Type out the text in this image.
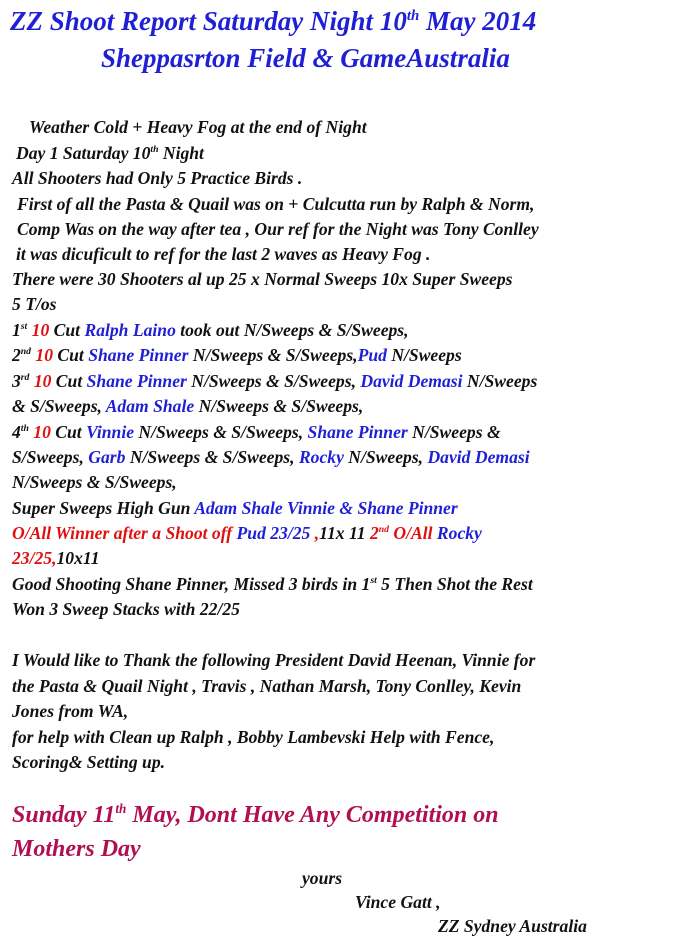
ZZ Shoot Report Saturday Night 10th May 2014
Sheppasrton Field & GameAustralia
Weather Cold + Heavy Fog at the end of Night
Day 1 Saturday 10th Night
All Shooters had Only 5 Practice Birds .
First of all the Pasta & Quail was on + Culcutta run by Ralph & Norm,
Comp Was on the way after tea , Our ref for the Night was Tony Conlley
it was dicuficult to ref for the last 2 waves as Heavy Fog .
There were 30 Shooters al up 25 x Normal Sweeps 10x Super Sweeps
5 T/os
1st 10 Cut Ralph Laino took out N/Sweeps & S/Sweeps,
2nd 10 Cut Shane Pinner N/Sweeps & S/Sweeps,Pud N/Sweeps
3rd 10 Cut Shane Pinner N/Sweeps & S/Sweeps, David Demasi N/Sweeps
& S/Sweeps, Adam Shale N/Sweeps & S/Sweeps,
4th 10 Cut Vinnie N/Sweeps & S/Sweeps, Shane Pinner N/Sweeps &
S/Sweeps, Garb N/Sweeps & S/Sweeps, Rocky N/Sweeps, David Demasi
N/Sweeps & S/Sweeps,
Super Sweeps High Gun Adam Shale Vinnie & Shane Pinner
O/All Winner after a Shoot off Pud 23/25 ,11x 11 2nd O/All Rocky
23/25,10x11
Good Shooting Shane Pinner, Missed 3 birds in 1st 5 Then Shot the Rest
Won 3 Sweep Stacks with 22/25
I Would like to Thank the following President David Heenan, Vinnie for
the Pasta & Quail Night , Travis , Nathan Marsh, Tony Conlley, Kevin
Jones from WA,
for help with Clean up Ralph , Bobby Lambevski Help with Fence,
Scoring& Setting up.
Sunday 11th May, Dont Have Any Competition on
Mothers Day
yours
Vince Gatt ,
ZZ Sydney Australia
